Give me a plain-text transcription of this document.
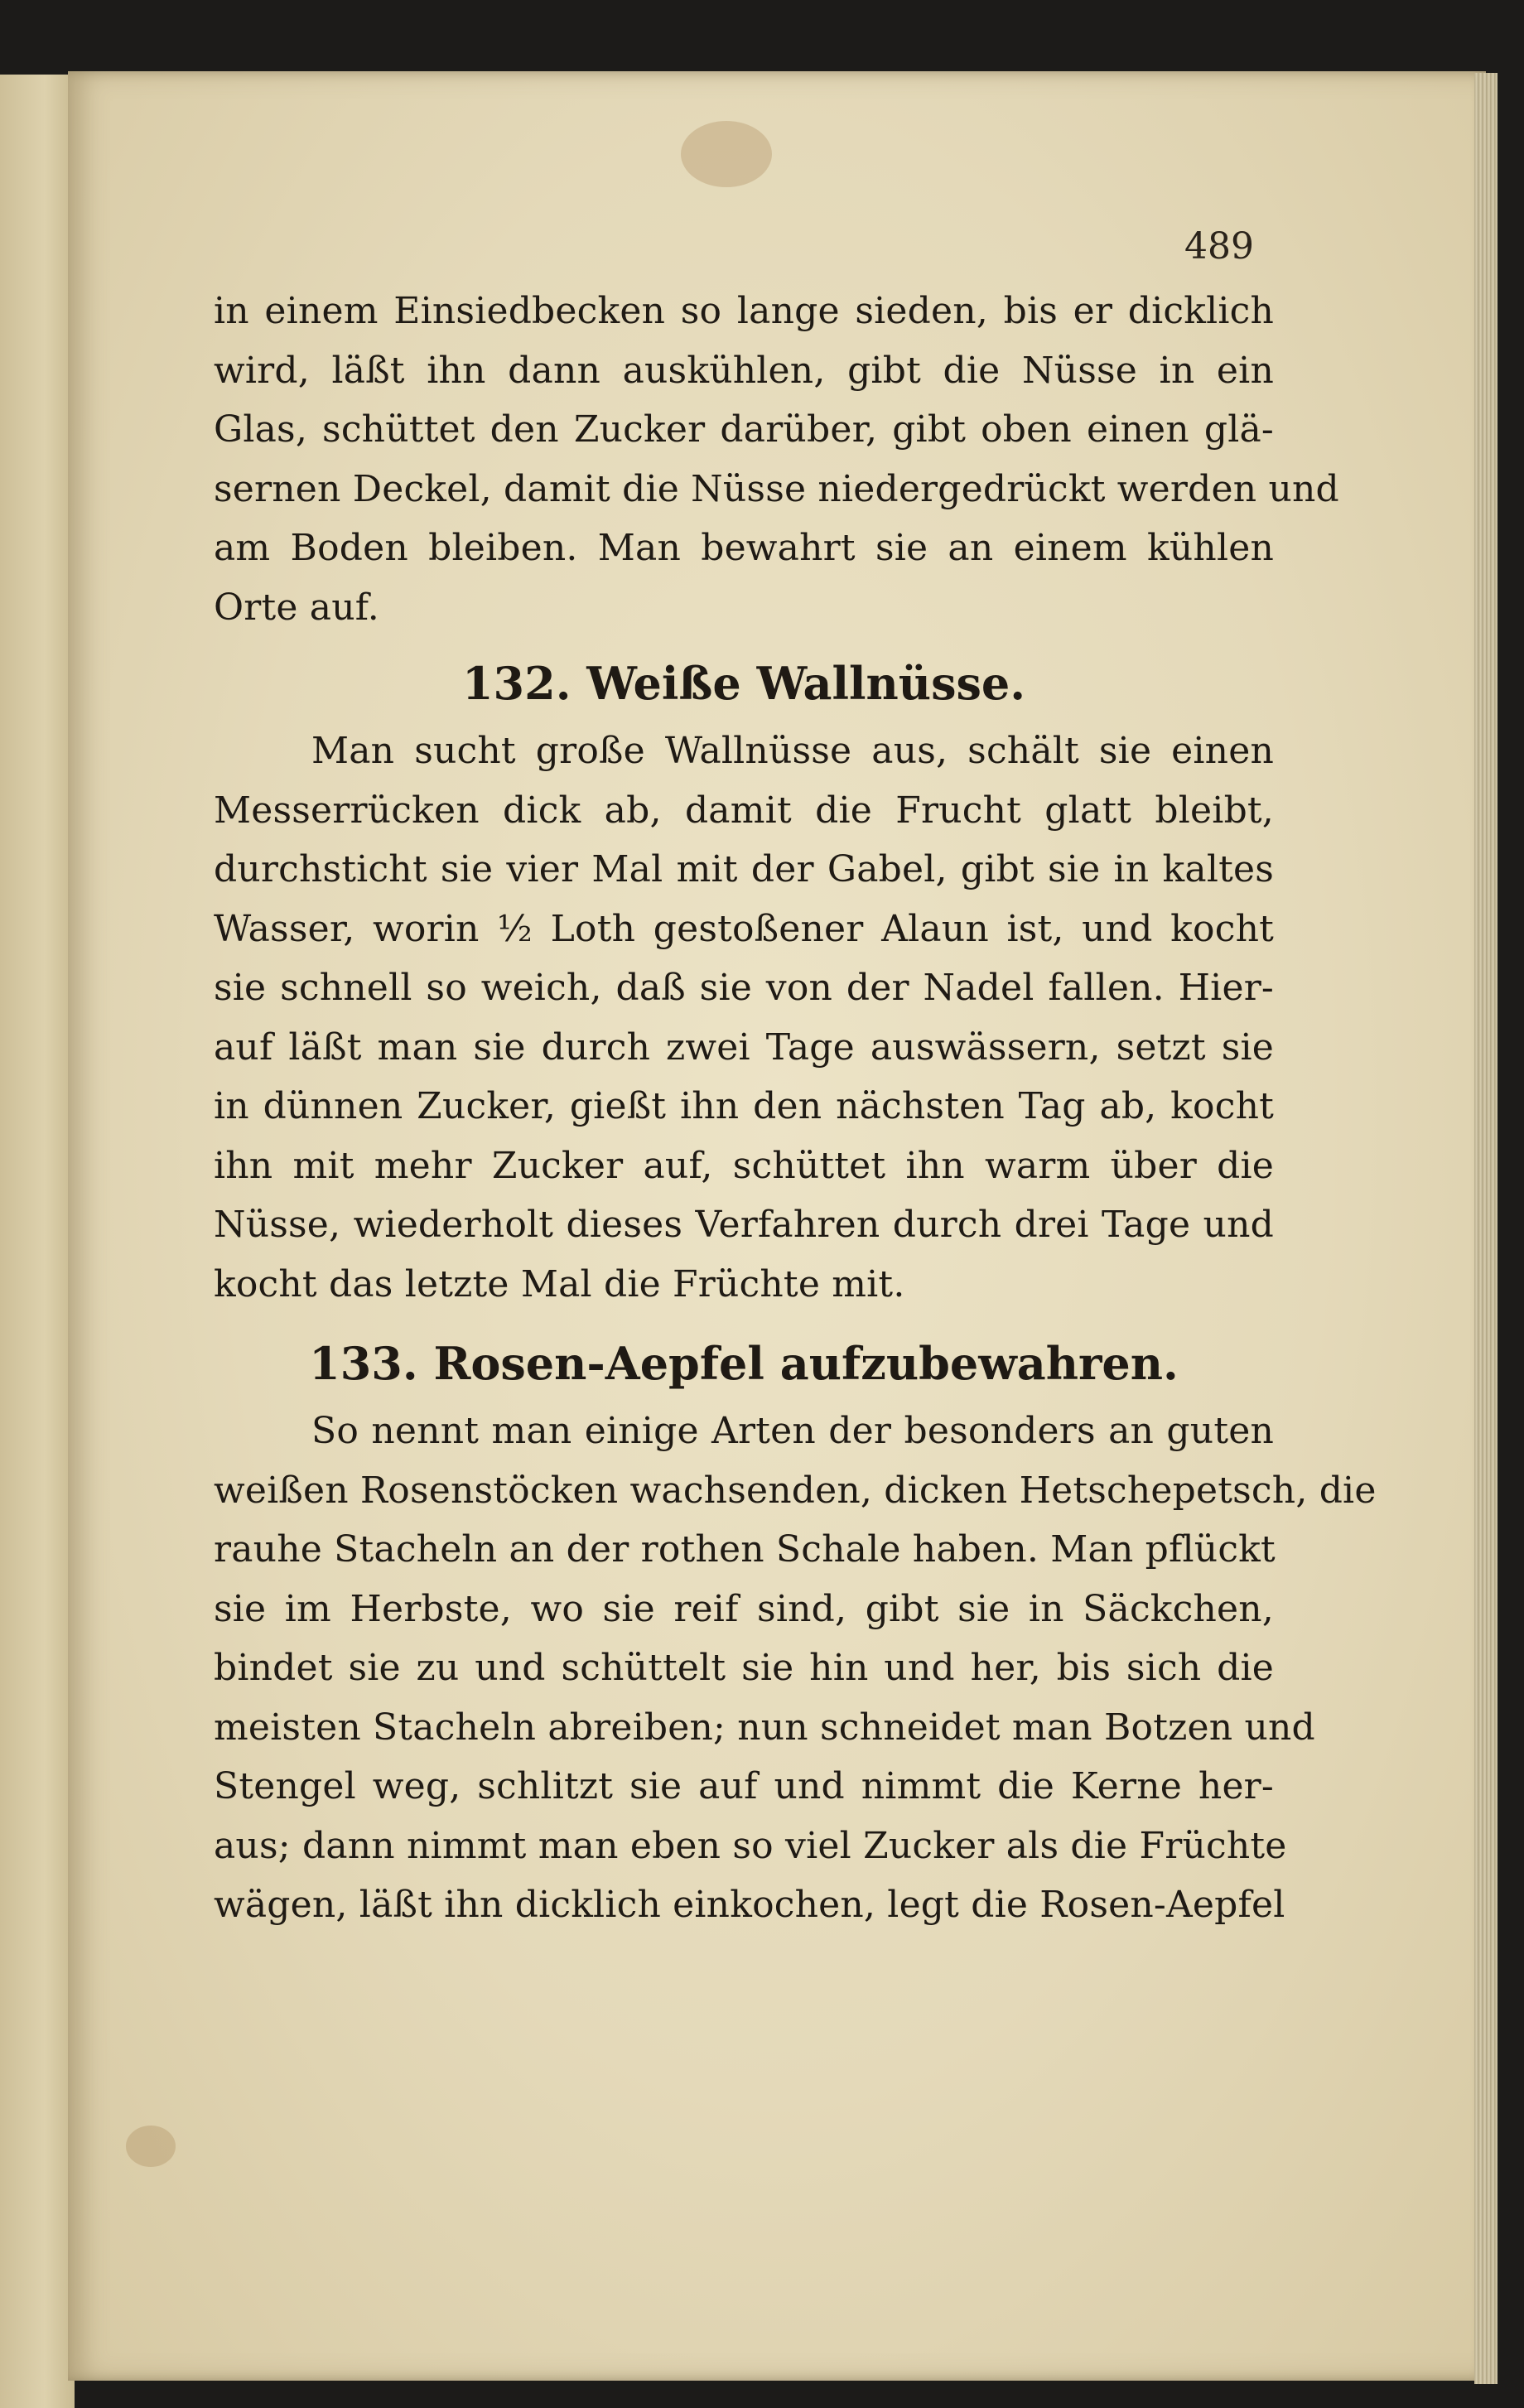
489
in einem Einsiedbecken so lange sieden, bis er dicklich
wird, läßt ihn dann auskühlen, gibt die Nüsse in ein
Glas, schüttet den Zucker darüber, gibt oben einen glä-
sernen Deckel, damit die Nüsse niedergedrückt werden und
am Boden bleiben. Man bewahrt sie an einem kühlen
Orte auf.
132. Weiße Wallnüsse.
Man sucht große Wallnüsse aus, schält sie einen
Messerrücken dick ab, damit die Frucht glatt bleibt,
durchsticht sie vier Mal mit der Gabel, gibt sie in kaltes
Wasser, worin ½ Loth gestoßener Alaun ist, und kocht
sie schnell so weich, daß sie von der Nadel fallen. Hier-
auf läßt man sie durch zwei Tage auswässern, setzt sie
in dünnen Zucker, gießt ihn den nächsten Tag ab, kocht
ihn mit mehr Zucker auf, schüttet ihn warm über die
Nüsse, wiederholt dieses Verfahren durch drei Tage und
kocht das letzte Mal die Früchte mit.
133. Rosen-Aepfel aufzubewahren.
So nennt man einige Arten der besonders an guten
weißen Rosenstöcken wachsenden, dicken Hetschepetsch, die
rauhe Stacheln an der rothen Schale haben. Man pflückt
sie im Herbste, wo sie reif sind, gibt sie in Säckchen,
bindet sie zu und schüttelt sie hin und her, bis sich die
meisten Stacheln abreiben; nun schneidet man Botzen und
Stengel weg, schlitzt sie auf und nimmt die Kerne her-
aus; dann nimmt man eben so viel Zucker als die Früchte
wägen, läßt ihn dicklich einkochen, legt die Rosen-Aepfel
